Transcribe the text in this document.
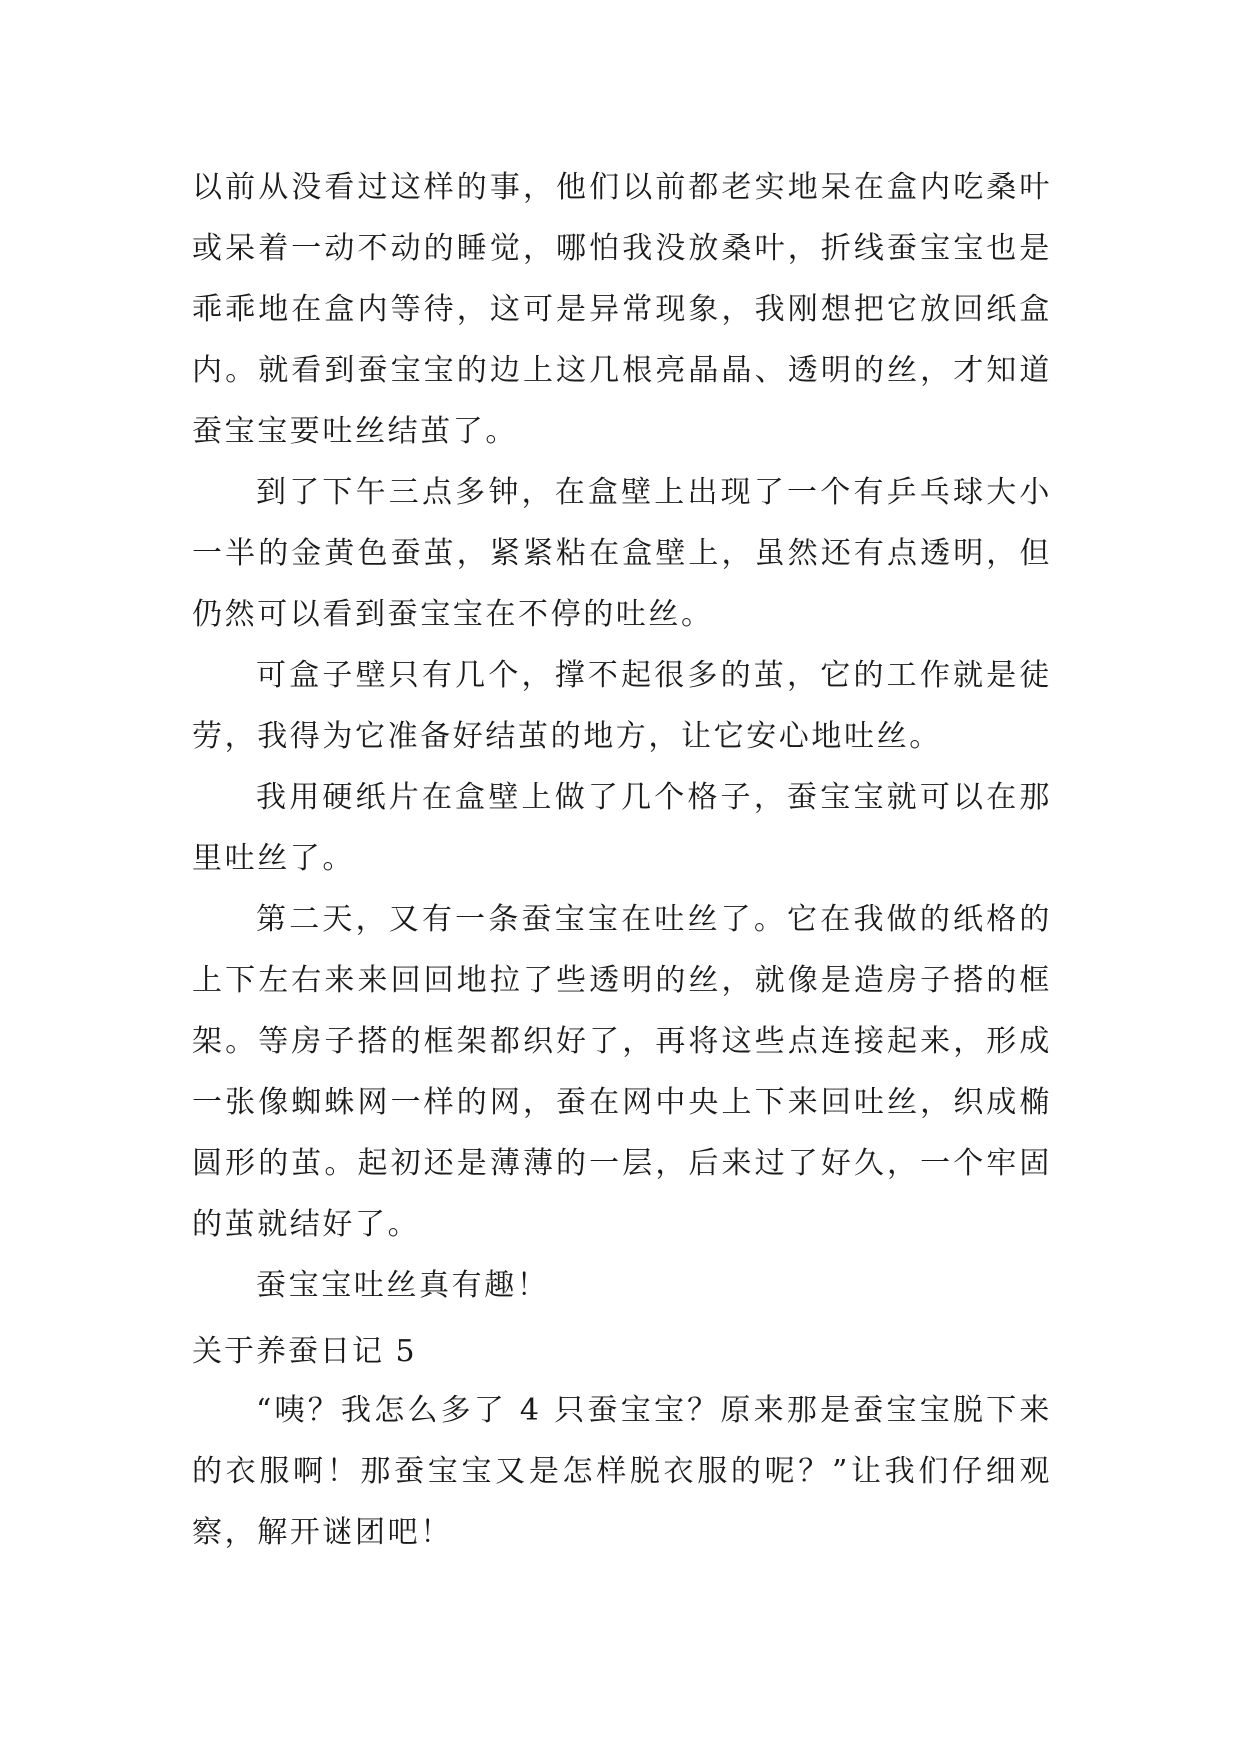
以前从没看过这样的事，他们以前都老实地呆在盒内吃桑叶或呆着一动不动的睡觉，哪怕我没放桑叶，折线蚕宝宝也是乖乖地在盒内等待，这可是异常现象，我刚想把它放回纸盒内。就看到蚕宝宝的边上这几根亮晶晶、透明的丝，才知道蚕宝宝要吐丝结茧了。

到了下午三点多钟，在盒壁上出现了一个有乒乓球大小一半的金黄色蚕茧，紧紧粘在盒壁上，虽然还有点透明，但仍然可以看到蚕宝宝在不停的吐丝。

可盒子壁只有几个，撑不起很多的茧，它的工作就是徒劳，我得为它准备好结茧的地方，让它安心地吐丝。

我用硬纸片在盒壁上做了几个格子，蚕宝宝就可以在那里吐丝了。

第二天，又有一条蚕宝宝在吐丝了。它在我做的纸格的上下左右来来回回地拉了些透明的丝，就像是造房子搭的框架。等房子搭的框架都织好了，再将这些点连接起来，形成一张像蜘蛛网一样的网，蚕在网中央上下来回吐丝，织成椭圆形的茧。起初还是薄薄的一层，后来过了好久，一个牢固的茧就结好了。

蚕宝宝吐丝真有趣！

关于养蚕日记 5

“咦？我怎么多了 4 只蚕宝宝？原来那是蚕宝宝脱下来的衣服啊！那蚕宝宝又是怎样脱衣服的呢？”让我们仔细观察，解开谜团吧！
